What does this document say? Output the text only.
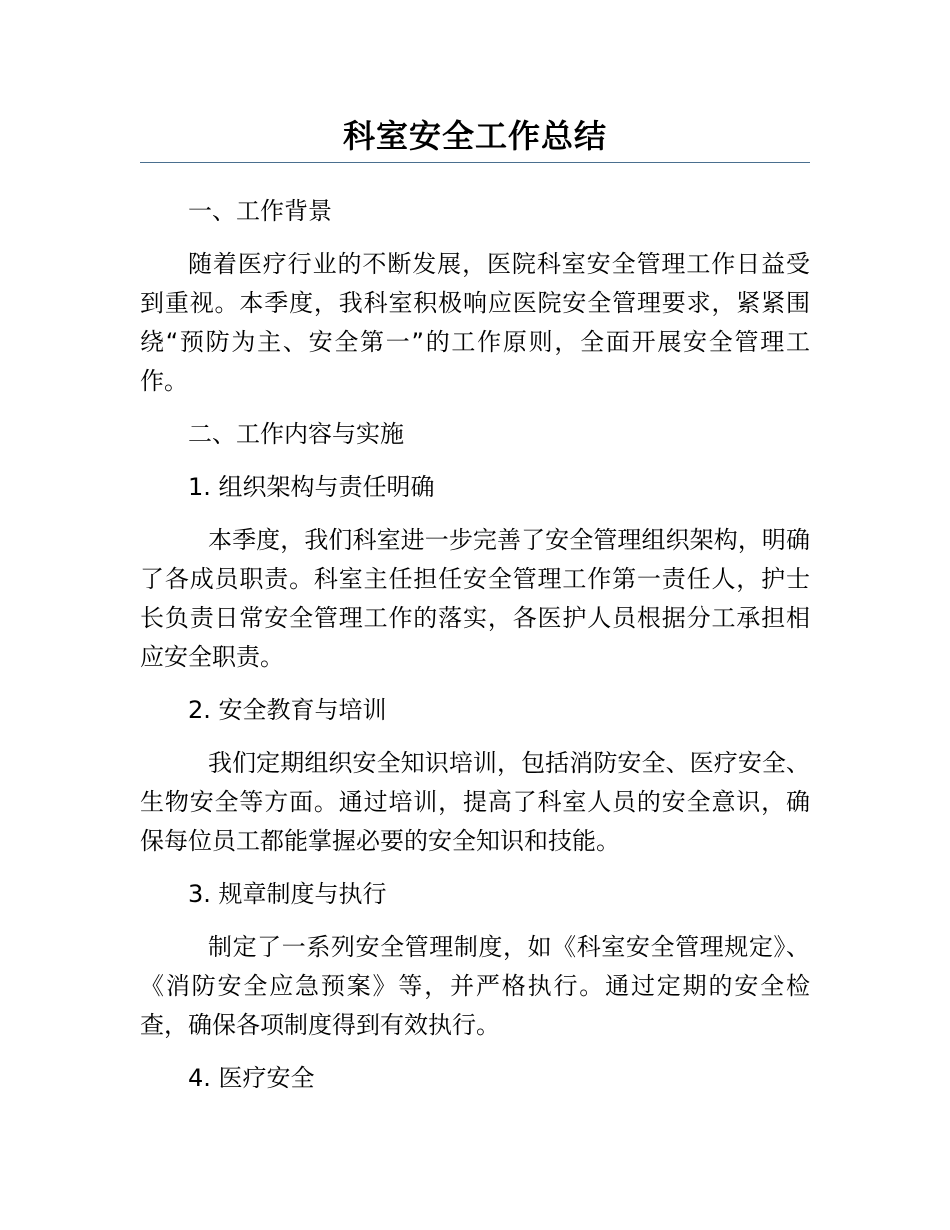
科室安全工作总结

一、工作背景

随着医疗行业的不断发展，医院科室安全管理工作日益受到重视。本季度，我科室积极响应医院安全管理要求，紧紧围绕“预防为主、安全第一”的工作原则，全面开展安全管理工作。

二、工作内容与实施

1. 组织架构与责任明确

本季度，我们科室进一步完善了安全管理组织架构，明确了各成员职责。科室主任担任安全管理工作第一责任人，护士长负责日常安全管理工作的落实，各医护人员根据分工承担相应安全职责。

2. 安全教育与培训

我们定期组织安全知识培训，包括消防安全、医疗安全、生物安全等方面。通过培训，提高了科室人员的安全意识，确保每位员工都能掌握必要的安全知识和技能。

3. 规章制度与执行

制定了一系列安全管理制度，如《科室安全管理规定》、《消防安全应急预案》等，并严格执行。通过定期的安全检查，确保各项制度得到有效执行。

4. 医疗安全
